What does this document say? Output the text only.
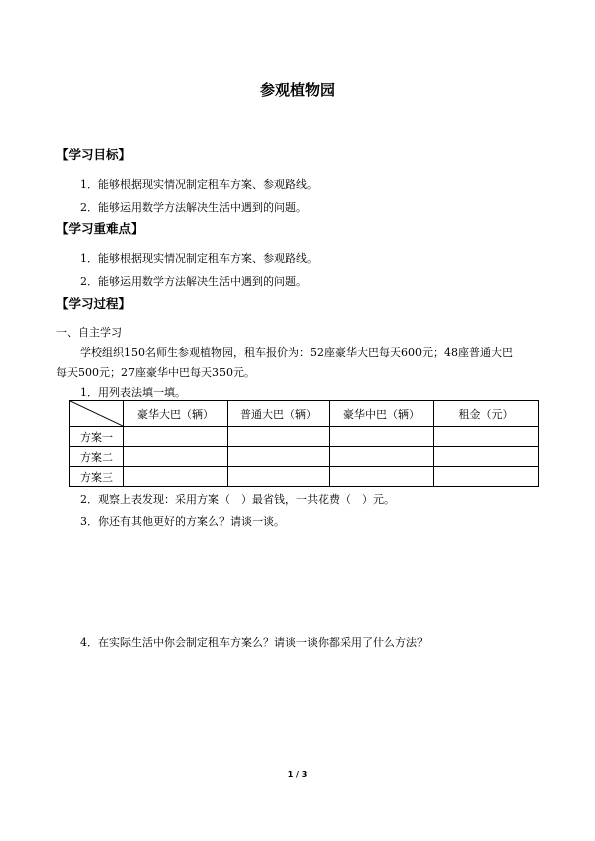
参观植物园
【学习目标】
1．能够根据现实情况制定租车方案、参观路线。
2．能够运用数学方法解决生活中遇到的问题。
【学习重难点】
1．能够根据现实情况制定租车方案、参观路线。
2．能够运用数学方法解决生活中遇到的问题。
【学习过程】
一、自主学习
学校组织150名师生参观植物园，租车报价为：52座豪华大巴每天600元；48座普通大巴
每天500元；27座豪华中巴每天350元。
1．用列表法填一填。
	豪华大巴（辆）	普通大巴（辆）	豪华中巴（辆）	租金（元）
方案一				
方案二				
方案三				
2．观察上表发现：采用方案（　）最省钱，一共花费（　）元。
3．你还有其他更好的方案么？请谈一谈。
4．在实际生活中你会制定租车方案么？请谈一谈你都采用了什么方法？
1 / 3
